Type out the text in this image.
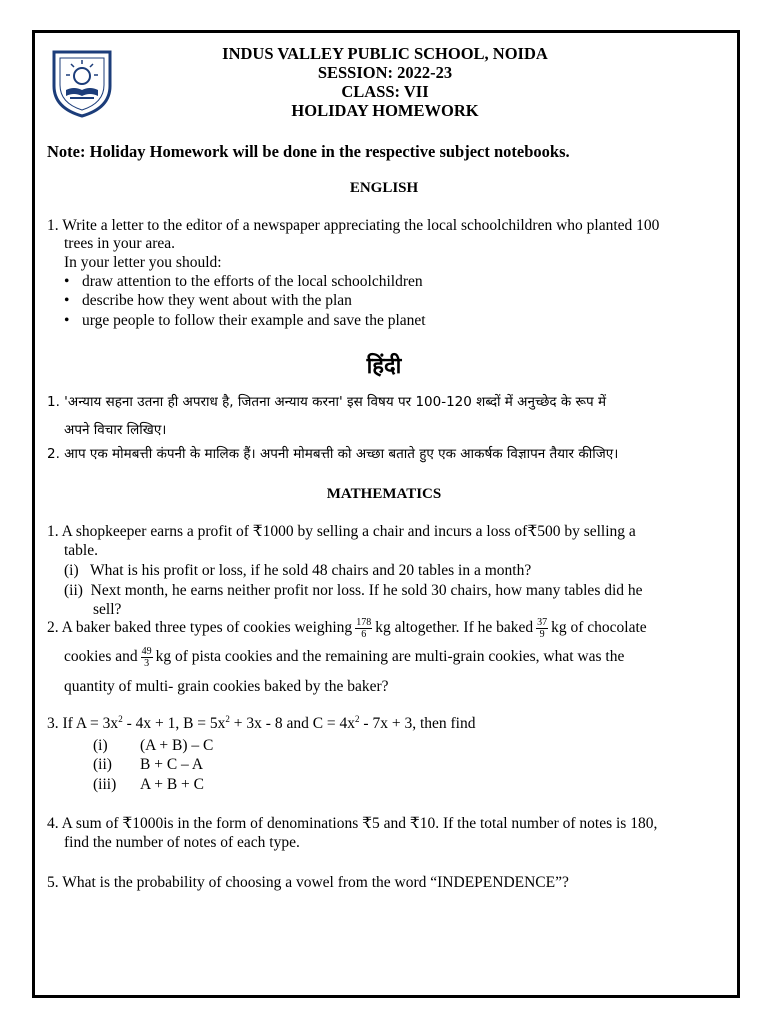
INDUS VALLEY PUBLIC SCHOOL, NOIDA
SESSION: 2022-23
CLASS: VII
HOLIDAY HOMEWORK
Note: Holiday Homework will be done in the respective subject notebooks.
ENGLISH
1. Write a letter to the editor of a newspaper appreciating the local schoolchildren who planted 100
trees in your area.
In your letter you should:
• draw attention to the efforts of the local schoolchildren
• describe how they went about with the plan
• urge people to follow their example and save the planet
हिंदी
1. 'अन्याय सहना उतना ही अपराध है, जितना अन्याय करना' इस विषय पर 100-120 शब्दों में अनुच्छेद के रूप में
अपने विचार लिखिए।
2. आप एक मोमबत्ती कंपनी के मालिक हैं। अपनी मोमबत्ती को अच्छा बताते हुए एक आकर्षक विज्ञापन तैयार कीजिए।
MATHEMATICS
1. A shopkeeper earns a profit of ₹1000 by selling a chair and incurs a loss of₹500 by selling a
table.
(i)   What is his profit or loss, if he sold 48 chairs and 20 tables in a month?
(ii)  Next month, he earns neither profit nor loss. If he sold 30 chairs, how many tables did he
sell?
2. A baker baked three types of cookies weighing $\frac{178}{6}$ kg altogether. If he baked $\frac{37}{9}$ kg of chocolate
cookies and $\frac{49}{3}$ kg of pista cookies and the remaining are multi-grain cookies, what was the
quantity of multi- grain cookies baked by the baker?
3. If $A = 3x^2 - 4x + 1$, $B = 5x^2 + 3x - 8$ and $C = 4x^2 - 7x + 3$, then find
(i) (A + B) – C
(ii) B + C – A
(iii) A + B + C
4. A sum of ₹1000is in the form of denominations ₹5 and ₹10. If the total number of notes is 180,
find the number of notes of each type.
5. What is the probability of choosing a vowel from the word “INDEPENDENCE”?
